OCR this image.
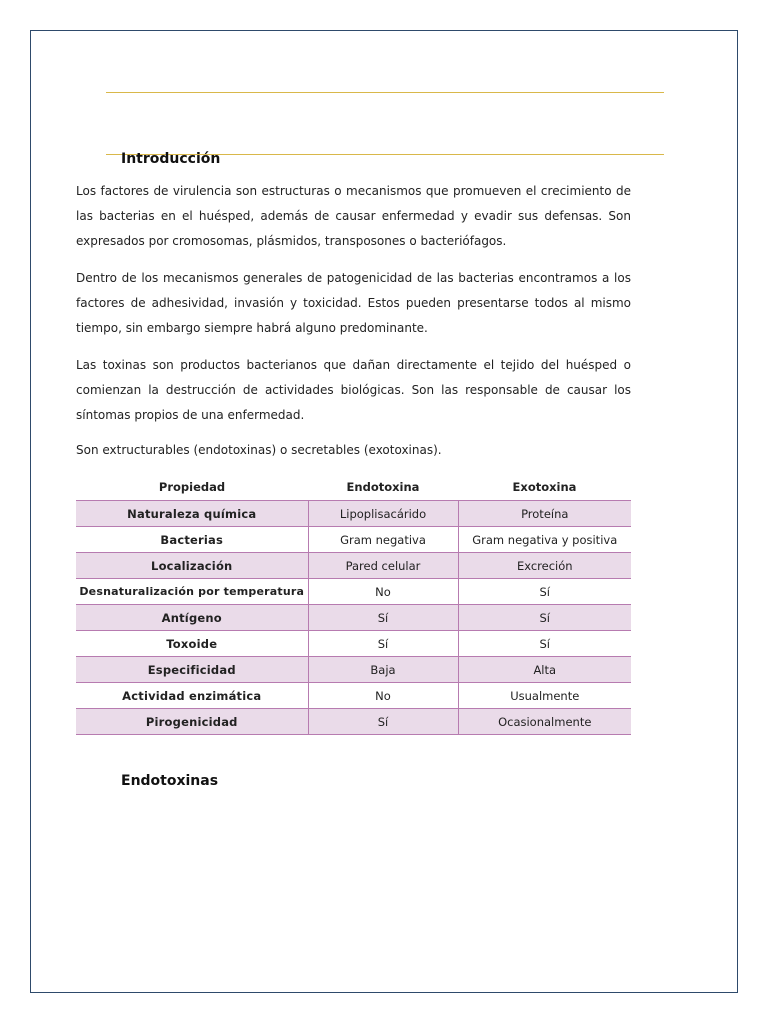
Introducción

Los factores de virulencia son estructuras o mecanismos que promueven el crecimiento de las bacterias en el huésped, además de causar enfermedad y evadir sus defensas. Son expresados por cromosomas, plásmidos, transposones o bacteriófagos.

Dentro de los mecanismos generales de patogenicidad de las bacterias encontramos a los factores de adhesividad, invasión y toxicidad. Estos pueden presentarse todos al mismo tiempo, sin embargo siempre habrá alguno predominante.

Las toxinas son productos bacterianos que dañan directamente el tejido del huésped o comienzan la destrucción de actividades biológicas. Son las responsable de causar los síntomas propios de una enfermedad.

Son extructurables (endotoxinas) o secretables (exotoxinas).

Propiedad	Endotoxina	Exotoxina
Naturaleza química	Lipoplisacárido	Proteína
Bacterias	Gram negativa	Gram negativa y positiva
Localización	Pared celular	Excreción
Desnaturalización por temperatura	No	Sí
Antígeno	Sí	Sí
Toxoide	Sí	Sí
Especificidad	Baja	Alta
Actividad enzimática	No	Usualmente
Pirogenicidad	Sí	Ocasionalmente
Endotoxinas
